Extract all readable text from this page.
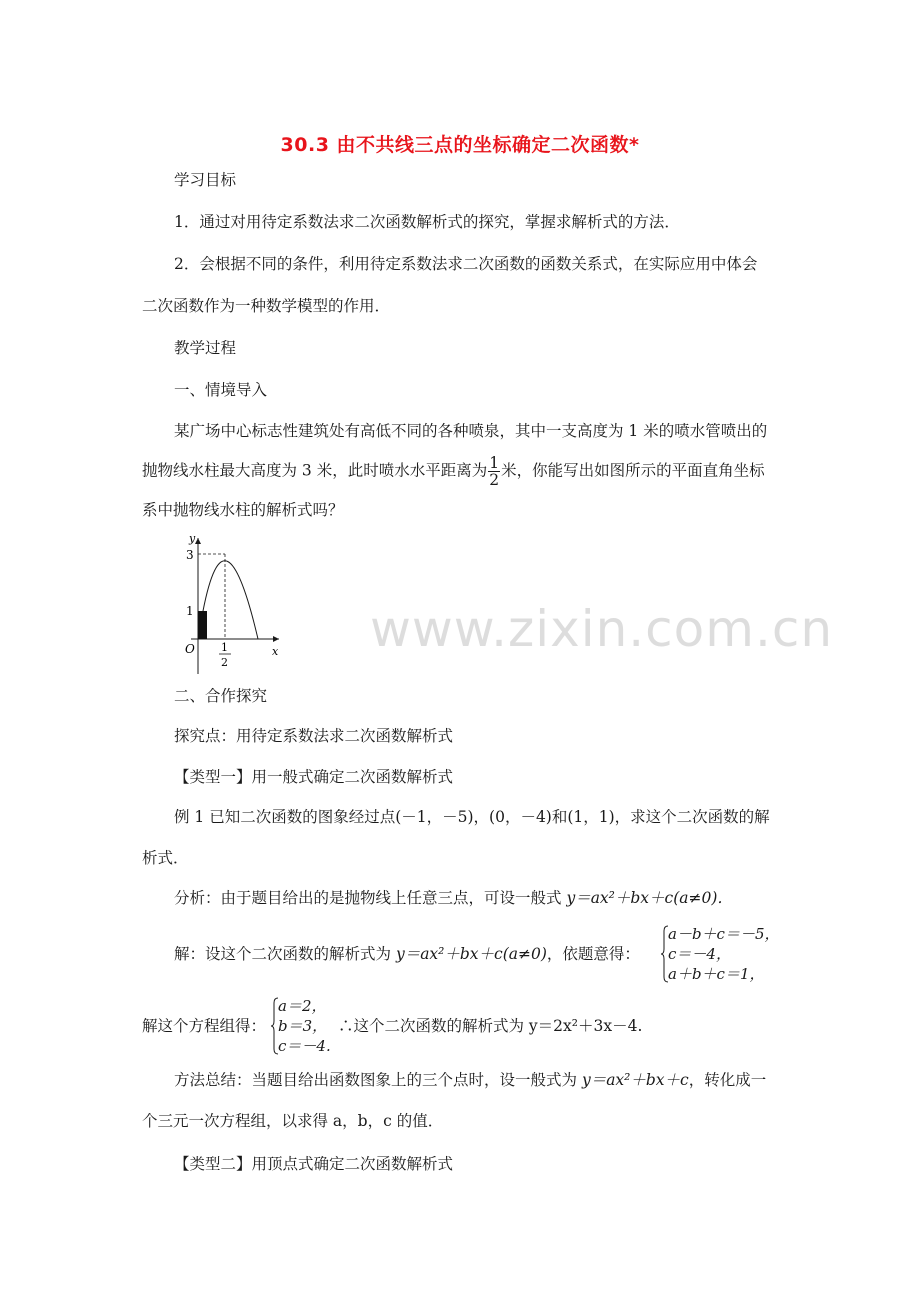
30.3 由不共线三点的坐标确定二次函数*
学习目标
1．通过对用待定系数法求二次函数解析式的探究，掌握求解析式的方法．
2．会根据不同的条件，利用待定系数法求二次函数的函数关系式，在实际应用中体会
二次函数作为一种数学模型的作用．
教学过程
一、情境导入
某广场中心标志性建筑处有高低不同的各种喷泉，其中一支高度为 1 米的喷水管喷出的
抛物线水柱最大高度为 3 米，此时喷水水平距离为 $\frac{1}{2}$ 米，你能写出如图所示的平面直角坐标
系中抛物线水柱的解析式吗？
y
3
1
O 1
2
x www.zixin.com.cn
二、合作探究
探究点：用待定系数法求二次函数解析式
【类型一】用一般式确定二次函数解析式
例 1 已知二次函数的图象经过点(－1，－5)，(0，－4)和(1，1)，求这个二次函数的解
析式．
分析：由于题目给出的是抛物线上任意三点，可设一般式 y＝ax²＋bx＋c(a≠0)．
解：设这个二次函数的解析式为 y＝ax²＋bx＋c(a≠0)，依题意得：
a－b＋c＝－5，
c＝－4，
a＋b＋c＝1，
解这个方程组得：
a＝2，
b＝3，
c＝－4.
∴这个二次函数的解析式为 y＝2x²＋3x－4.
方法总结：当题目给出函数图象上的三个点时，设一般式为 y＝ax²＋bx＋c，转化成一
个三元一次方程组，以求得 a，b，c 的值．
【类型二】用顶点式确定二次函数解析式
